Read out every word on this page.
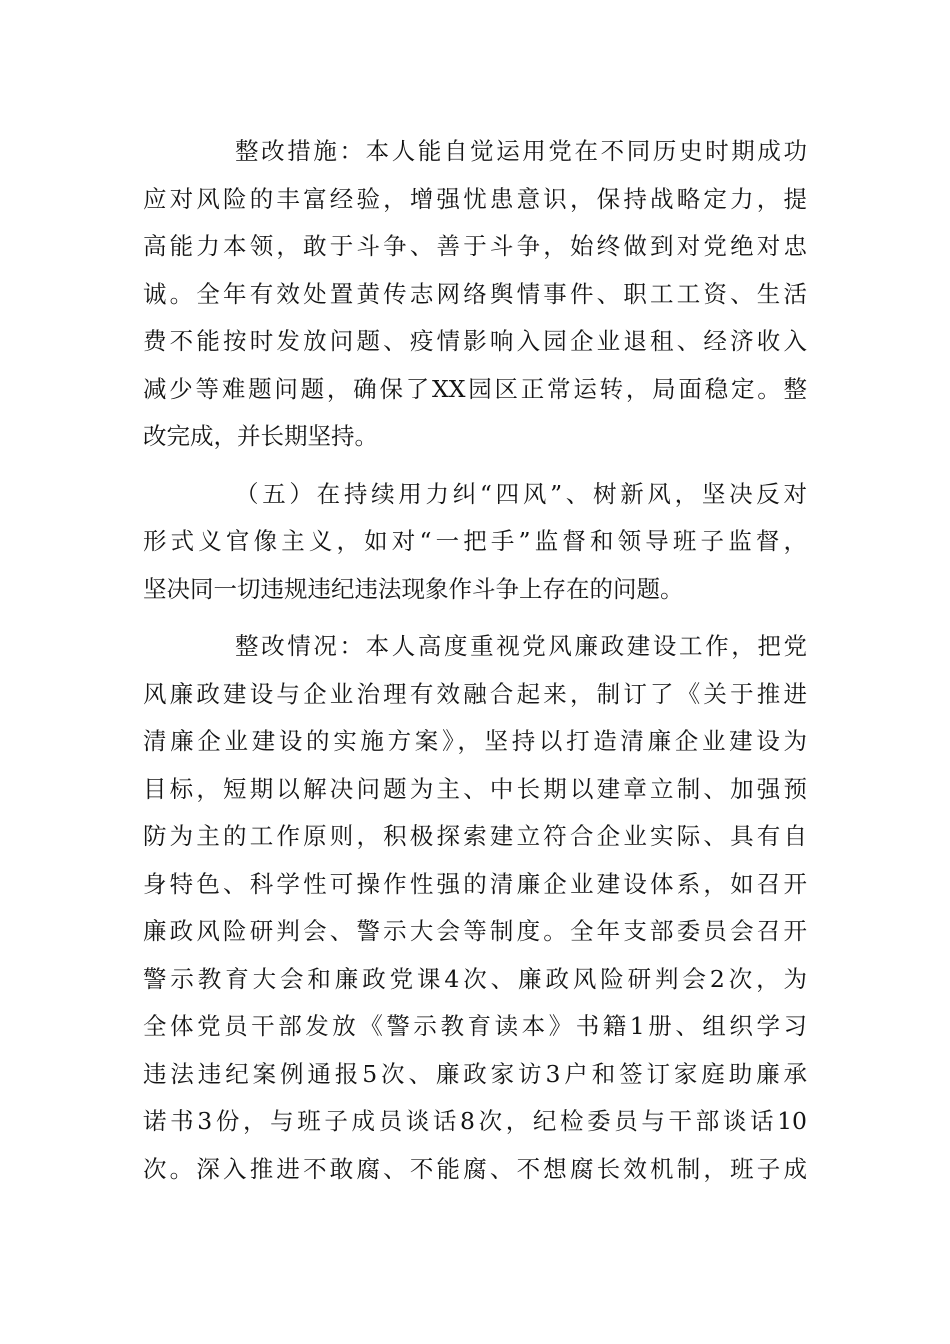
整改措施：本人能自觉运用党在不同历史时期成功
应对风险的丰富经验，增强忧患意识，保持战略定力，提
高能力本领，敢于斗争、善于斗争，始终做到对党绝对忠
诚。全年有效处置黄传志网络舆情事件、职工工资、生活
费不能按时发放问题、疫情影响入园企业退租、经济收入
减少等难题问题，确保了XX园区正常运转，局面稳定。整
改完成，并长期坚持。
（五）在持续用力纠“四风”、树新风，坚决反对
形式义官像主义，如对“一把手”监督和领导班子监督，
坚决同一切违规违纪违法现象作斗争上存在的问题。
整改情况：本人高度重视党风廉政建设工作，把党
风廉政建设与企业治理有效融合起来，制订了《关于推进
清廉企业建设的实施方案》，坚持以打造清廉企业建设为
目标，短期以解决问题为主、中长期以建章立制、加强预
防为主的工作原则，积极探索建立符合企业实际、具有自
身特色、科学性可操作性强的清廉企业建设体系，如召开
廉政风险研判会、警示大会等制度。全年支部委员会召开
警示教育大会和廉政党课4次、廉政风险研判会2次，为
全体党员干部发放《警示教育读本》书籍1册、组织学习
违法违纪案例通报5次、廉政家访3户和签订家庭助廉承
诺书3份，与班子成员谈话8次，纪检委员与干部谈话10
次。深入推进不敢腐、不能腐、不想腐长效机制，班子成
